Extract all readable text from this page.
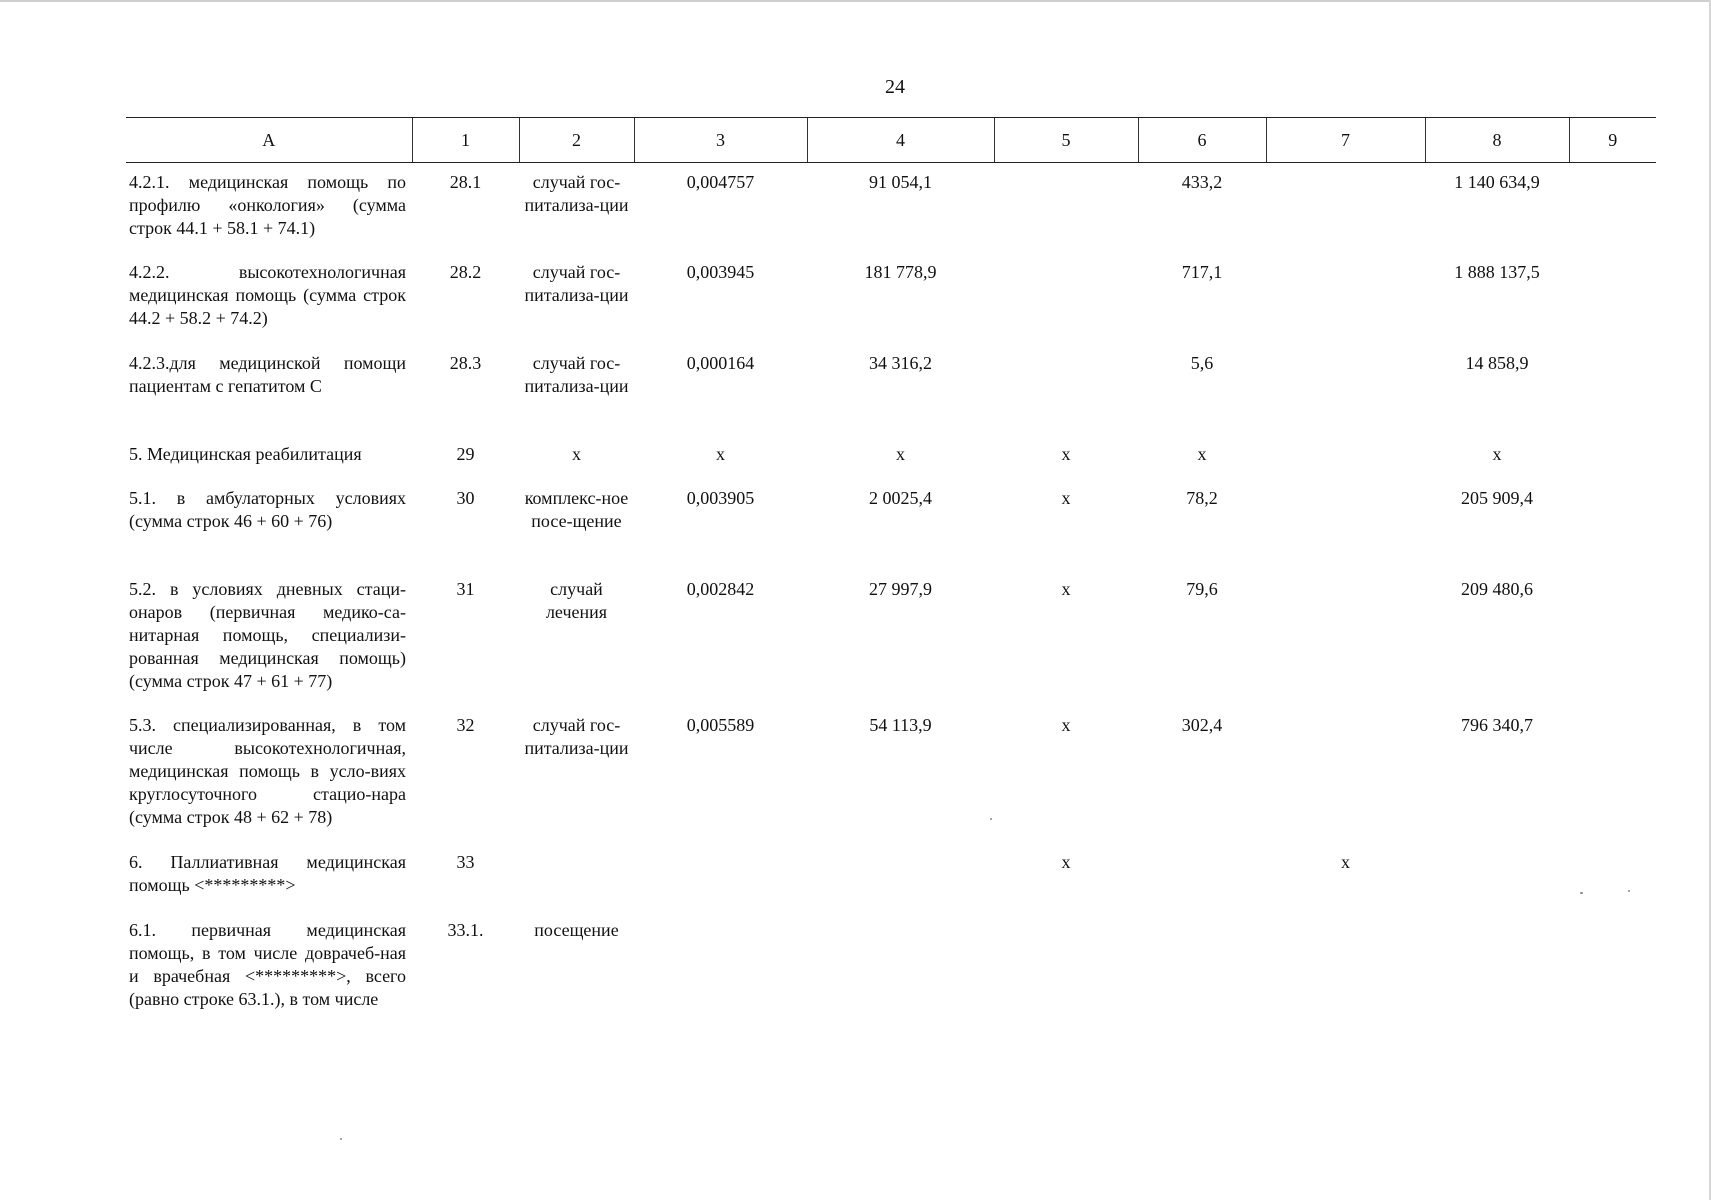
24
А	1	2	3	4	5	6	7	8	9
4.2.1. медицинская помощь по профилю «онкология» (сумма строк 44.1 + 58.1 + 74.1)	28.1	случай гос-питализа-ции	0,004757	91 054,1		433,2		1 140 634,9	
4.2.2. высокотехнологичная медицинская помощь (сумма строк 44.2 + 58.2 + 74.2)	28.2	случай гос-питализа-ции	0,003945	181 778,9		717,1		1 888 137,5	
4.2.3.для медицинской помощи пациентам с гепатитом С	28.3	случай гос-питализа-ции	0,000164	34 316,2		5,6		14 858,9	
5. Медицинская реабилитация	29	х	х	х	х	х		х	
5.1. в амбулаторных условиях (сумма строк 46 + 60 + 76)	30	комплекс-ное посе-щение	0,003905	2 0025,4	х	78,2		205 909,4	
5.2. в условиях дневных стаци-онаров (первичная медико-са-нитарная помощь, специализи-рованная медицинская помощь) (сумма строк 47 + 61 + 77)	31	случай лечения	0,002842	27 997,9	х	79,6		209 480,6	
5.3. специализированная, в том числе высокотехнологичная, медицинская помощь в усло-виях круглосуточного стацио-нара (сумма строк 48 + 62 + 78)	32	случай гос-питализа-ции	0,005589	54 113,9	х	302,4		796 340,7	
6. Паллиативная медицинская помощь <*********>	33				х		х		
6.1. первичная медицинская помощь, в том числе доврачеб-ная и врачебная <*********>, всего (равно строке 63.1.), в том числе	33.1.	посещение							
